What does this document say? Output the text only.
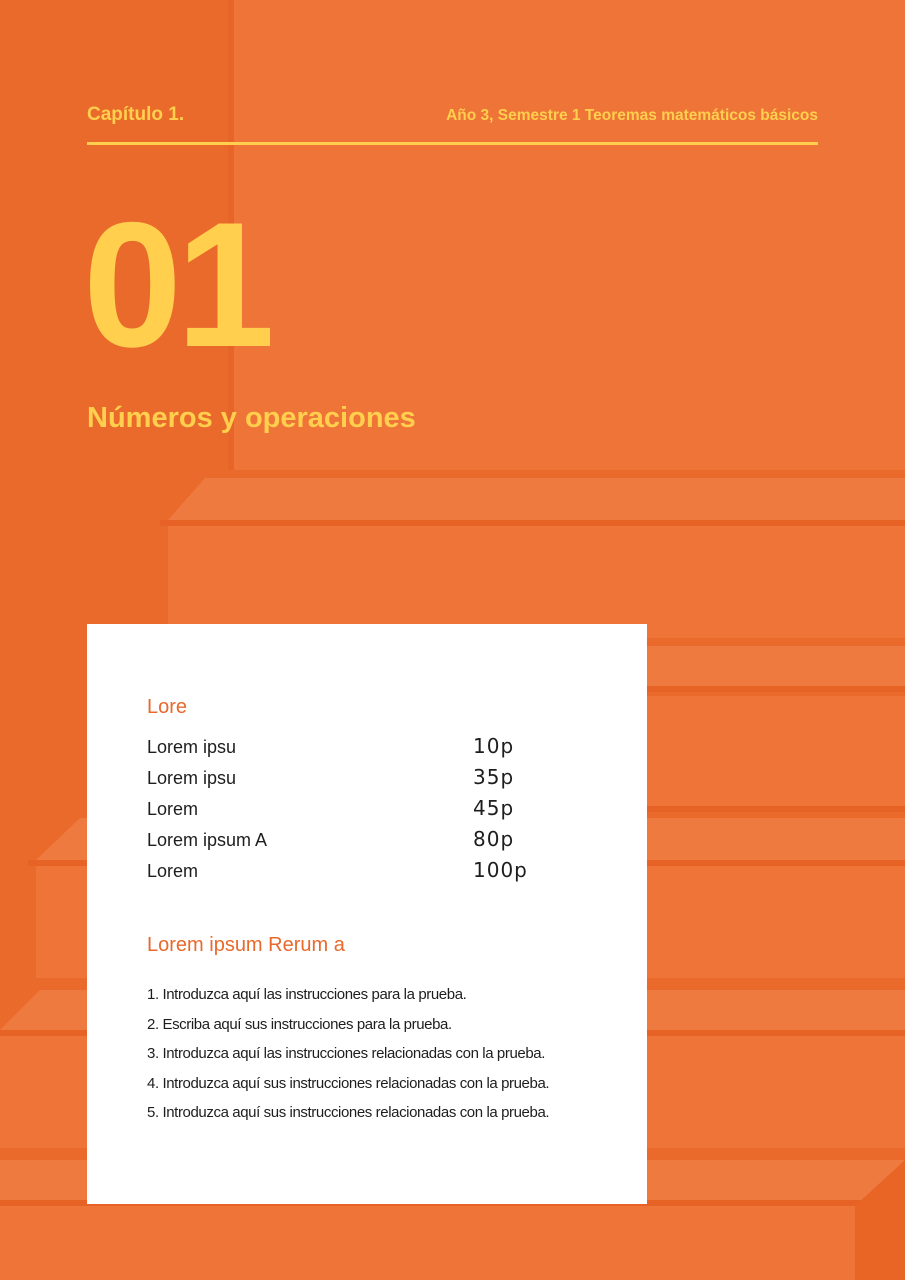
Capítulo 1.	Año 3, Semestre 1 Teoremas matemáticos básicos
01
Números y operaciones
Lore
Lorem ipsu	10p
Lorem ipsu	35p
Lorem	45p
Lorem ipsum A	80p
Lorem	100p
Lorem ipsum Rerum a
1. Introduzca aquí las instrucciones para la prueba.
2. Escriba aquí sus instrucciones para la prueba.
3. Introduzca aquí las instrucciones relacionadas con la prueba.
4. Introduzca aquí sus instrucciones relacionadas con la prueba.
5. Introduzca aquí sus instrucciones relacionadas con la prueba.
